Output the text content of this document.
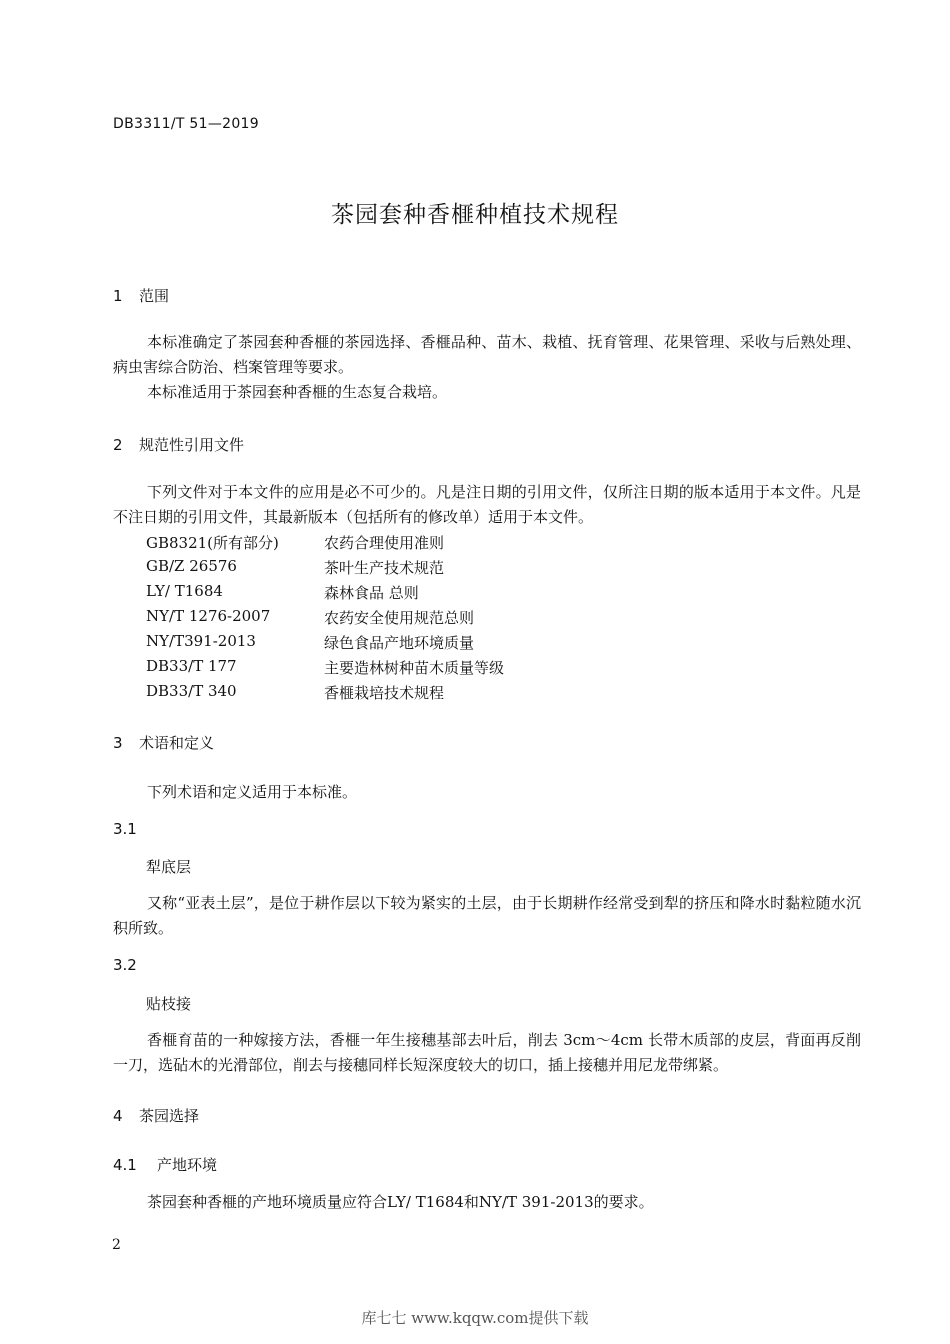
DB3311/T 51—2019
茶园套种香榧种植技术规程
1 范围
本标准确定了茶园套种香榧的茶园选择、香榧品种、苗木、栽植、抚育管理、花果管理、采收与后熟处理、病虫害综合防治、档案管理等要求。
本标准适用于茶园套种香榧的生态复合栽培。
2 规范性引用文件
下列文件对于本文件的应用是必不可少的。凡是注日期的引用文件，仅所注日期的版本适用于本文件。凡是不注日期的引用文件，其最新版本（包括所有的修改单）适用于本文件。
GB8321(所有部分)	农药合理使用准则
GB/Z 26576	茶叶生产技术规范
LY/ T1684	森林食品 总则
NY/T 1276-2007	农药安全使用规范总则
NY/T391-2013	绿色食品产地环境质量
DB33/T 177	主要造林树种苗木质量等级
DB33/T 340	香榧栽培技术规程
3 术语和定义
下列术语和定义适用于本标准。
3.1
犁底层
又称“亚表土层”，是位于耕作层以下较为紧实的土层，由于长期耕作经常受到犁的挤压和降水时黏粒随水沉积所致。
3.2
贴枝接
香榧育苗的一种嫁接方法，香榧一年生接穗基部去叶后，削去 3cm～4cm 长带木质部的皮层，背面再反削一刀，选砧木的光滑部位，削去与接穗同样长短深度较大的切口，插上接穗并用尼龙带绑紧。
4 茶园选择
4.1 产地环境
茶园套种香榧的产地环境质量应符合LY/ T1684和NY/T 391-2013的要求。
2
库七七 www.kqqw.com提供下载
